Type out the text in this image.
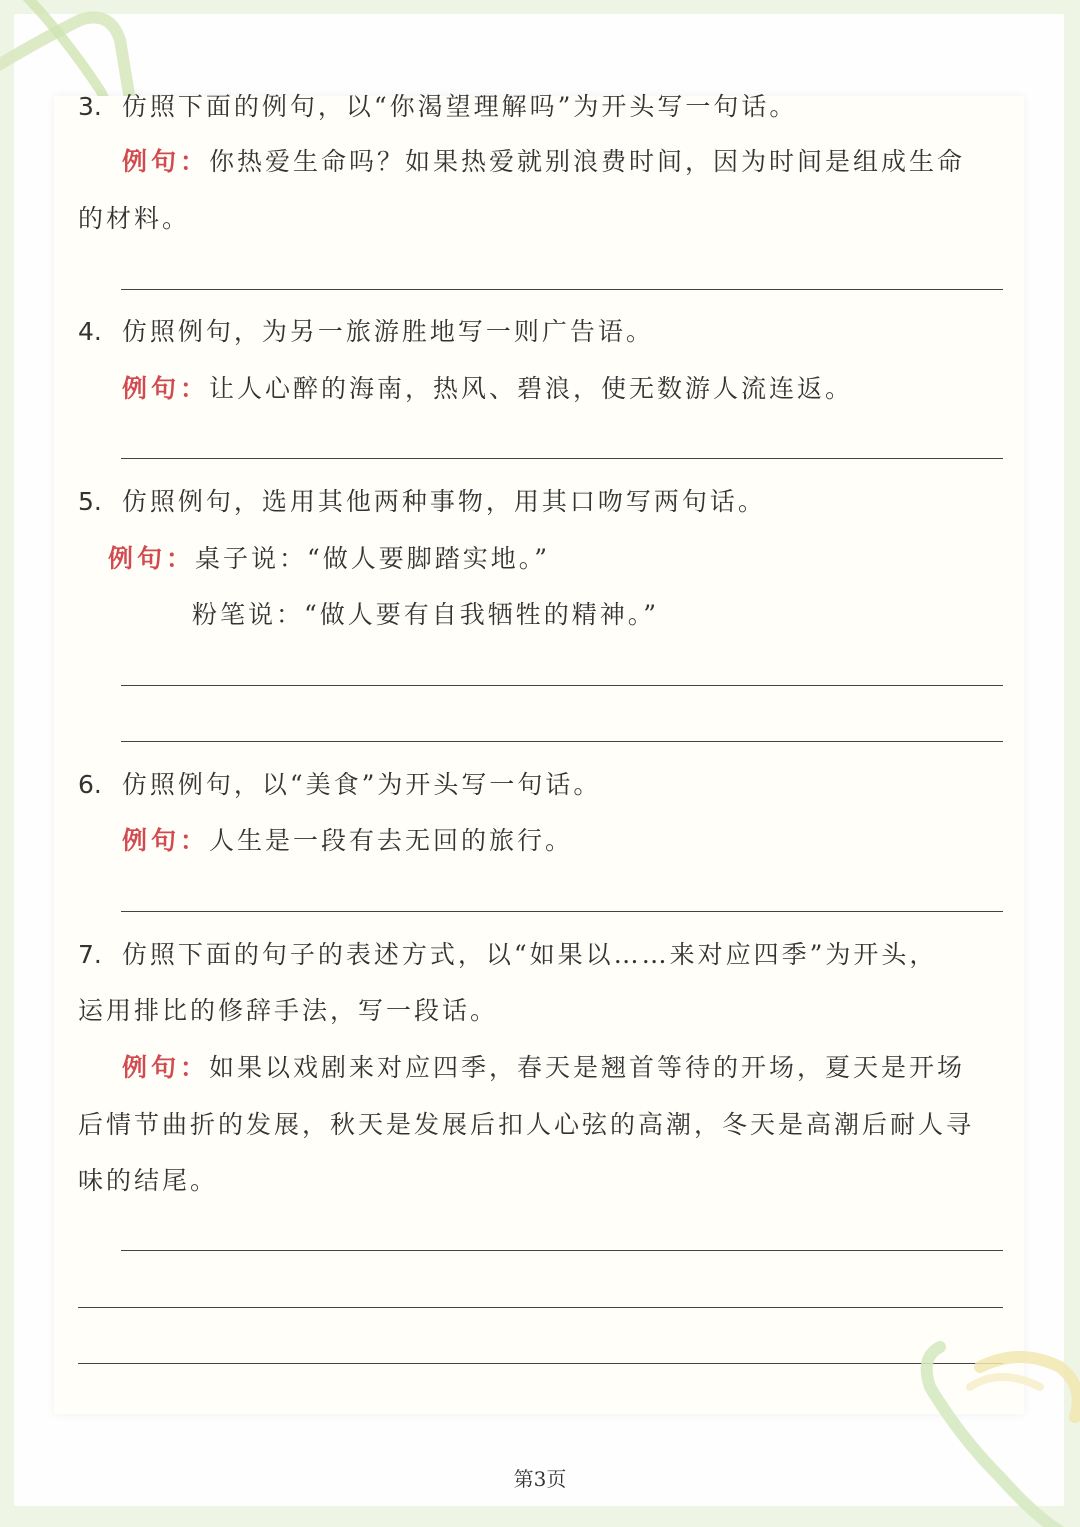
3. 仿照下面的例句，以“你渴望理解吗”为开头写一句话。
例句：你热爱生命吗？如果热爱就别浪费时间，因为时间是组成生命
的材料。
4. 仿照例句，为另一旅游胜地写一则广告语。
例句：让人心醉的海南，热风、碧浪，使无数游人流连返。
5. 仿照例句，选用其他两种事物，用其口吻写两句话。
例句：桌子说：“做人要脚踏实地。”
粉笔说：“做人要有自我牺牲的精神。”
6. 仿照例句，以“美食”为开头写一句话。
例句：人生是一段有去无回的旅行。
7. 仿照下面的句子的表述方式，以“如果以……来对应四季”为开头，
运用排比的修辞手法，写一段话。
例句：如果以戏剧来对应四季，春天是翘首等待的开场，夏天是开场
后情节曲折的发展，秋天是发展后扣人心弦的高潮，冬天是高潮后耐人寻
味的结尾。
第3页
